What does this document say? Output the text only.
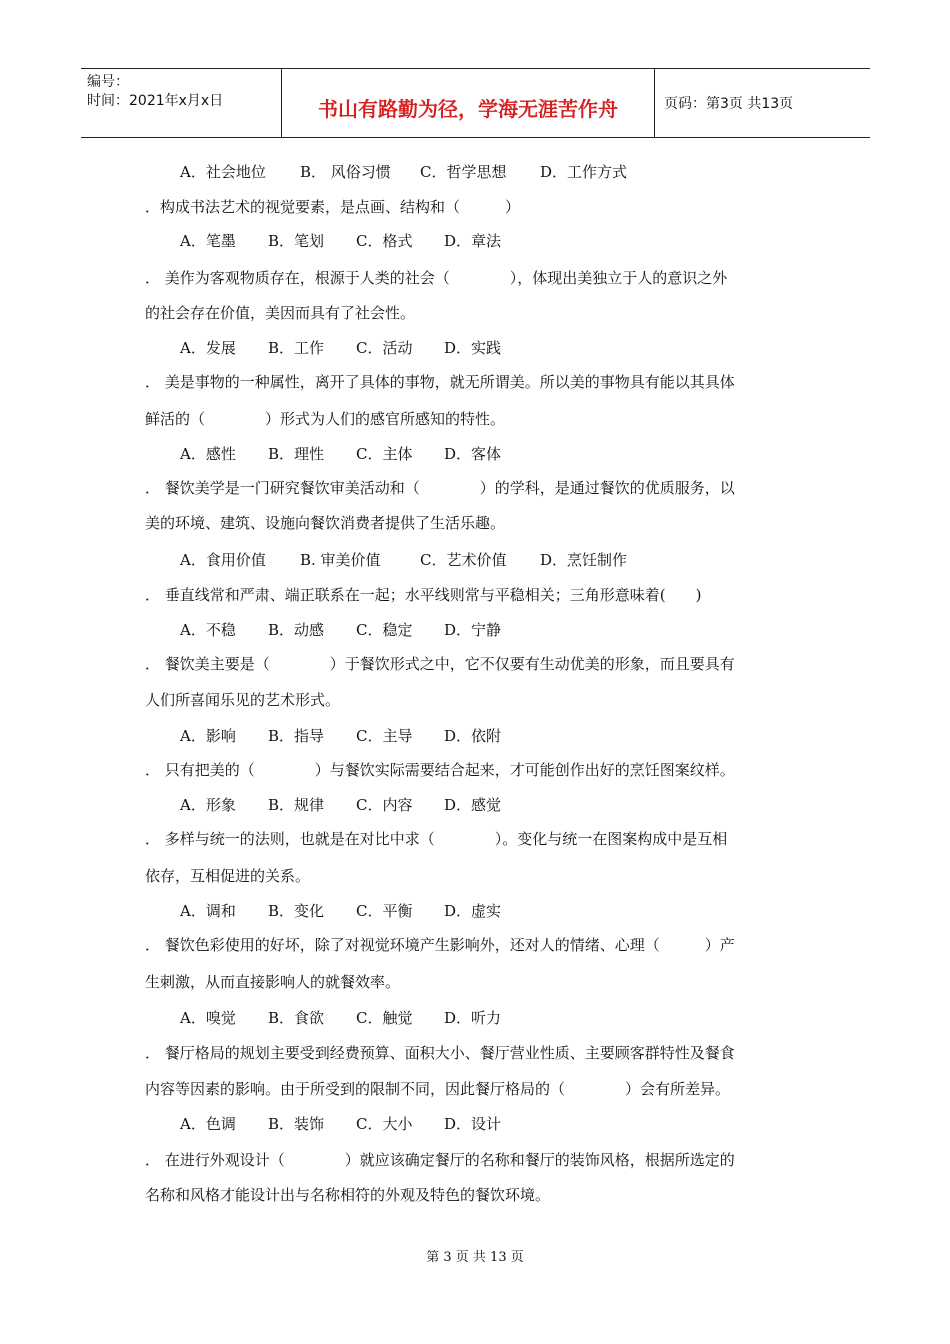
编号：
时间：2021年x月x日	书山有路勤为径，学海无涯苦作舟	页码：第3页 共13页
A．社会地位 B． 风俗习惯 C．哲学思想 D．工作方式
．构成书法艺术的视觉要素，是点画、结构和（　　　）
A．笔墨 B．笔划 C．格式 D．章法
． 美作为客观物质存在，根源于人类的社会（　　　　），体现出美独立于人的意识之外
的社会存在价值，美因而具有了社会性。
A．发展 B．工作 C．活动 D．实践
． 美是事物的一种属性，离开了具体的事物，就无所谓美。所以美的事物具有能以其具体
鲜活的（　　　　）形式为人们的感官所感知的特性。
A．感性 B．理性 C．主体 D．客体
． 餐饮美学是一门研究餐饮审美活动和（　　　　）的学科，是通过餐饮的优质服务，以
美的环境、建筑、设施向餐饮消费者提供了生活乐趣。
A．食用价值 B. 审美价值	C．艺术价值 D．烹饪制作
． 垂直线常和严肃、端正联系在一起；水平线则常与平稳相关；三角形意味着(　　)
A．不稳 B．动感 C．稳定 D．宁静
． 餐饮美主要是（　　　　）于餐饮形式之中，它不仅要有生动优美的形象，而且要具有
人们所喜闻乐见的艺术形式。
A．影响 B．指导 C．主导 D．依附
． 只有把美的（　　　　）与餐饮实际需要结合起来，才可能创作出好的烹饪图案纹样。
A．形象 B．规律 C．内容 D．感觉
． 多样与统一的法则，也就是在对比中求（　　　　）。变化与统一在图案构成中是互相
依存，互相促进的关系。
A．调和 B．变化 C．平衡 D．虚实
． 餐饮色彩使用的好坏，除了对视觉环境产生影响外，还对人的情绪、心理（　　　）产
生刺激，从而直接影响人的就餐效率。
A．嗅觉 B．食欲 C．触觉 D．听力
． 餐厅格局的规划主要受到经费预算、面积大小、餐厅营业性质、主要顾客群特性及餐食
内容等因素的影响。由于所受到的限制不同，因此餐厅格局的（　　　　）会有所差异。
A．色调 B．装饰 C．大小 D．设计
． 在进行外观设计（　　　　）就应该确定餐厅的名称和餐厅的装饰风格，根据所选定的
名称和风格才能设计出与名称相符的外观及特色的餐饮环境。
第 3 页 共 13 页
